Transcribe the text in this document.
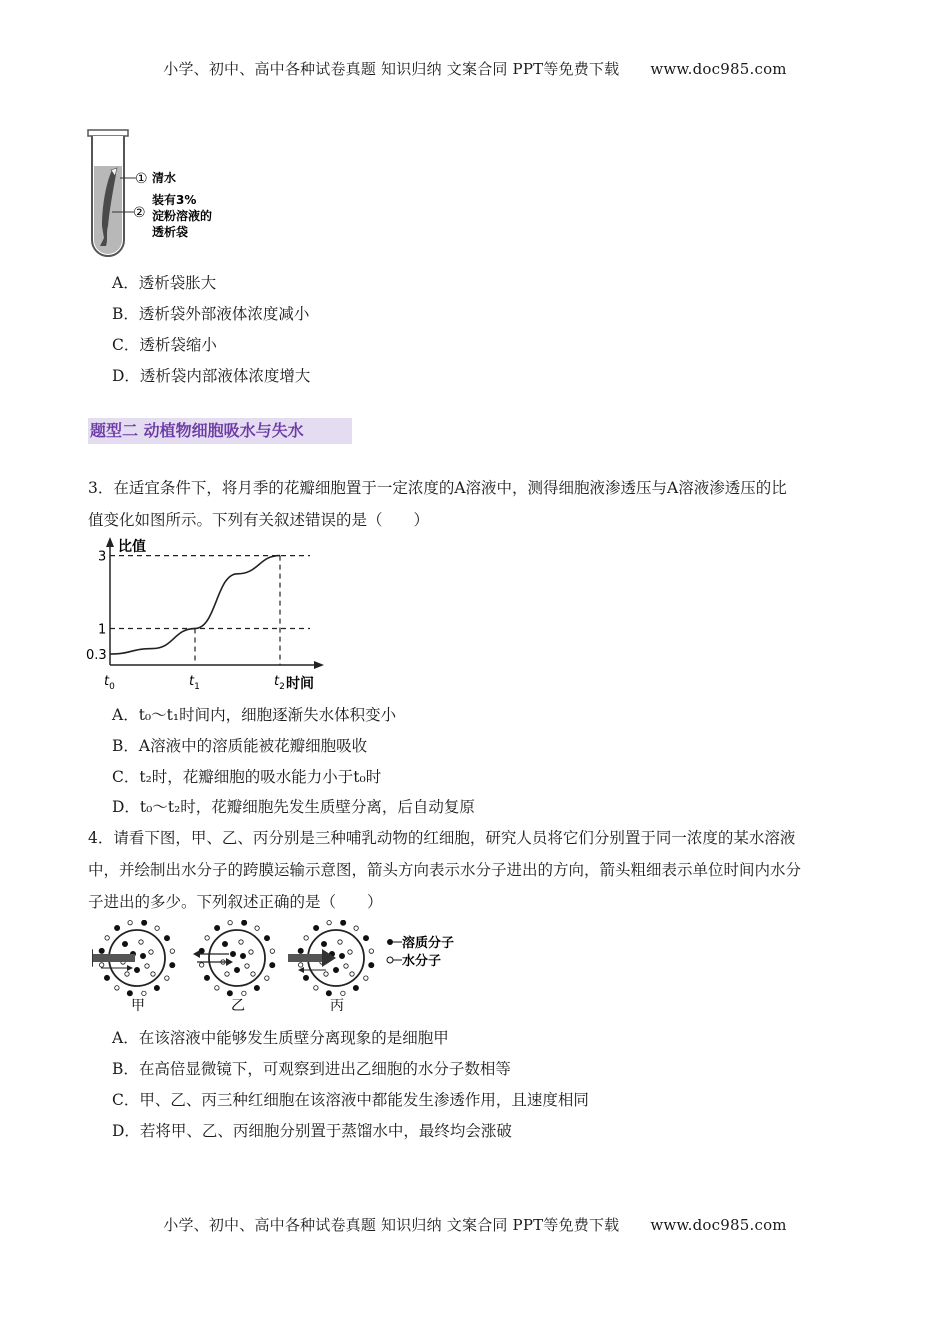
小学、初中、高中各种试卷真题 知识归纳 文案合同 PPT等免费下载 www.doc985.com
① 清水
②
装有3%
淀粉溶液的
透析袋
A．透析袋胀大
B．透析袋外部液体浓度减小
C．透析袋缩小
D．透析袋内部液体浓度增大
题型二 动植物细胞吸水与失水
3．在适宜条件下，将月季的花瓣细胞置于一定浓度的A溶液中，测得细胞液渗透压与A溶液渗透压的比
值变化如图所示。下列有关叙述错误的是（　　）
比值
时间
3
1
0.3
$t_0$	$t_1$	$t_2$
A．t₀～t₁时间内，细胞逐渐失水体积变小
B．A溶液中的溶质能被花瓣细胞吸收
C．t₂时，花瓣细胞的吸水能力小于t₀时
D．t₀～t₂时，花瓣细胞先发生质壁分离，后自动复原
4．请看下图，甲、乙、丙分别是三种哺乳动物的红细胞，研究人员将它们分别置于同一浓度的某水溶液
中，并绘制出水分子的跨膜运输示意图，箭头方向表示水分子进出的方向，箭头粗细表示单位时间内水分
子进出的多少。下列叙述正确的是（　　）
甲	乙	丙
溶质分子
水分子
A．在该溶液中能够发生质壁分离现象的是细胞甲
B．在高倍显微镜下，可观察到进出乙细胞的水分子数相等
C．甲、乙、丙三种红细胞在该溶液中都能发生渗透作用，且速度相同
D．若将甲、乙、丙细胞分别置于蒸馏水中，最终均会涨破
小学、初中、高中各种试卷真题 知识归纳 文案合同 PPT等免费下载 www.doc985.com
